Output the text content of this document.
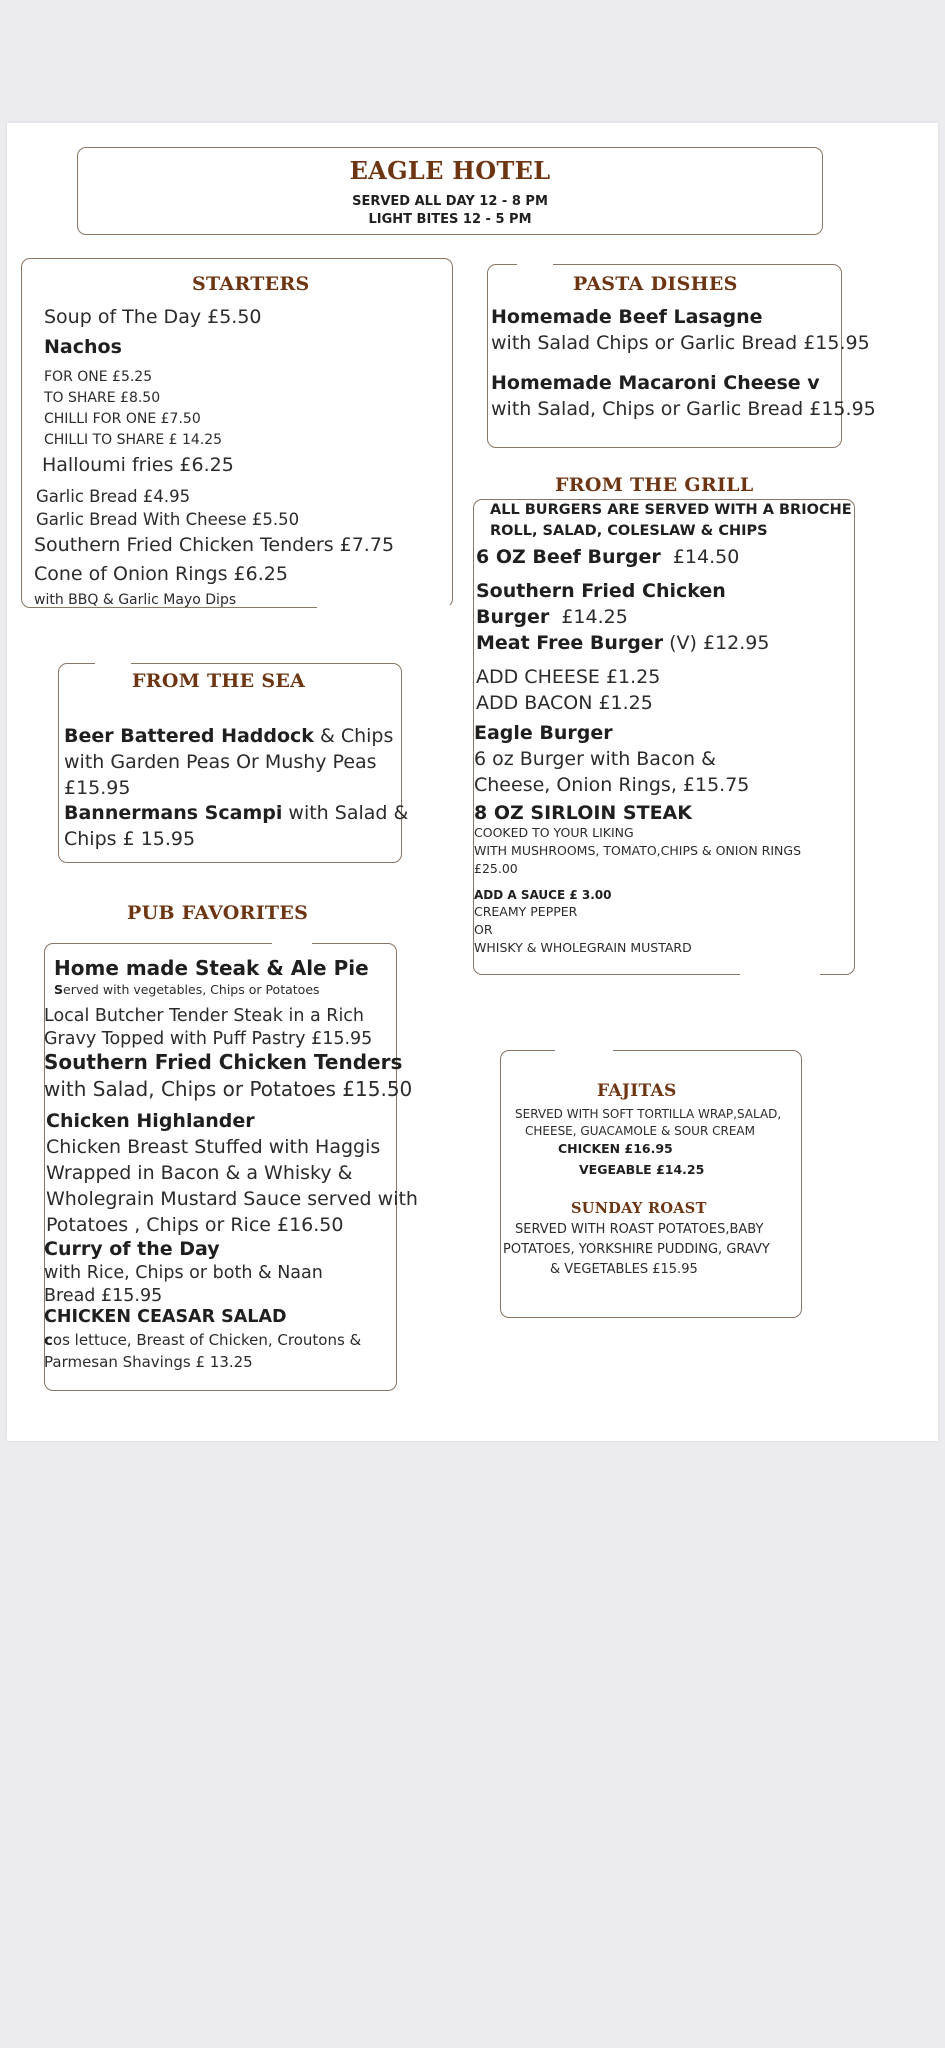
EAGLE HOTEL
SERVED ALL DAY 12 - 8 PM
LIGHT BITES 12 - 5 PM
STARTERS
Soup of The Day £5.50
Nachos
FOR ONE £5.25
TO SHARE £8.50
CHILLI FOR ONE £7.50
CHILLI TO SHARE £ 14.25
Halloumi fries £6.25
Garlic Bread £4.95
Garlic Bread With Cheese £5.50
Southern Fried Chicken Tenders £7.75
Cone of Onion Rings £6.25
with BBQ & Garlic Mayo Dips
PASTA DISHES
Homemade Beef Lasagne
with Salad Chips or Garlic Bread £15.95
Homemade Macaroni Cheese v
with Salad, Chips or Garlic Bread £15.95
FROM THE GRILL
ALL BURGERS ARE SERVED WITH A BRIOCHE
ROLL, SALAD, COLESLAW & CHIPS
6 OZ Beef Burger £14.50
Southern Fried Chicken
Burger £14.25
Meat Free Burger (V) £12.95
ADD CHEESE £1.25
ADD BACON £1.25
Eagle Burger
6 oz Burger with Bacon &
Cheese, Onion Rings, £15.75
8 OZ SIRLOIN STEAK
COOKED TO YOUR LIKING
WITH MUSHROOMS, TOMATO,CHIPS & ONION RINGS
£25.00
ADD A SAUCE £ 3.00
CREAMY PEPPER
OR
WHISKY & WHOLEGRAIN MUSTARD
FROM THE SEA
Beer Battered Haddock & Chips
with Garden Peas Or Mushy Peas
£15.95
Bannermans Scampi with Salad &
Chips £ 15.95
PUB FAVORITES
Home made Steak & Ale Pie
Served with vegetables, Chips or Potatoes
Local Butcher Tender Steak in a Rich
Gravy Topped with Puff Pastry £15.95
Southern Fried Chicken Tenders
with Salad, Chips or Potatoes £15.50
Chicken Highlander
Chicken Breast Stuffed with Haggis
Wrapped in Bacon & a Whisky &
Wholegrain Mustard Sauce served with
Potatoes , Chips or Rice £16.50
Curry of the Day
with Rice, Chips or both & Naan
Bread £15.95
CHICKEN CEASAR SALAD
cos lettuce, Breast of Chicken, Croutons &
Parmesan Shavings £ 13.25
FAJITAS
SERVED WITH SOFT TORTILLA WRAP,SALAD,
CHEESE, GUACAMOLE & SOUR CREAM
CHICKEN £16.95
VEGEABLE £14.25
SUNDAY ROAST
SERVED WITH ROAST POTATOES,BABY
POTATOES, YORKSHIRE PUDDING, GRAVY
& VEGETABLES £15.95
